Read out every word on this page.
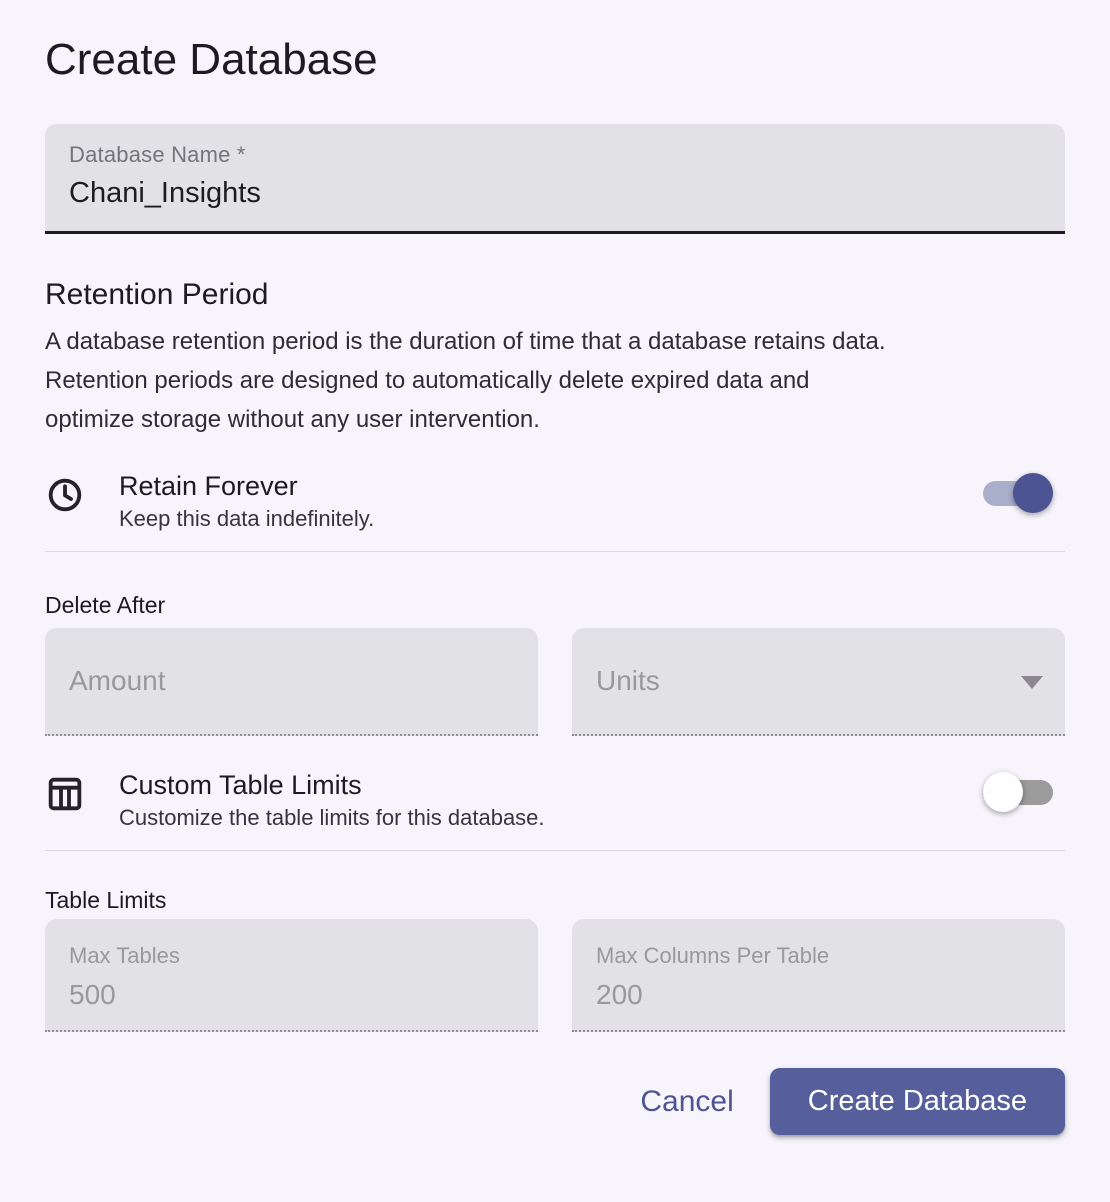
Create Database
Database Name *
Chani_Insights
Retention Period
A database retention period is the duration of time that a database retains data.
Retention periods are designed to automatically delete expired data and
optimize storage without any user intervention.
Retain Forever
Keep this data indefinitely.
Delete After
Amount
Units
Custom Table Limits
Customize the table limits for this database.
Table Limits
Max Tables
500	Max Columns Per Table
200
Cancel	Create Database
